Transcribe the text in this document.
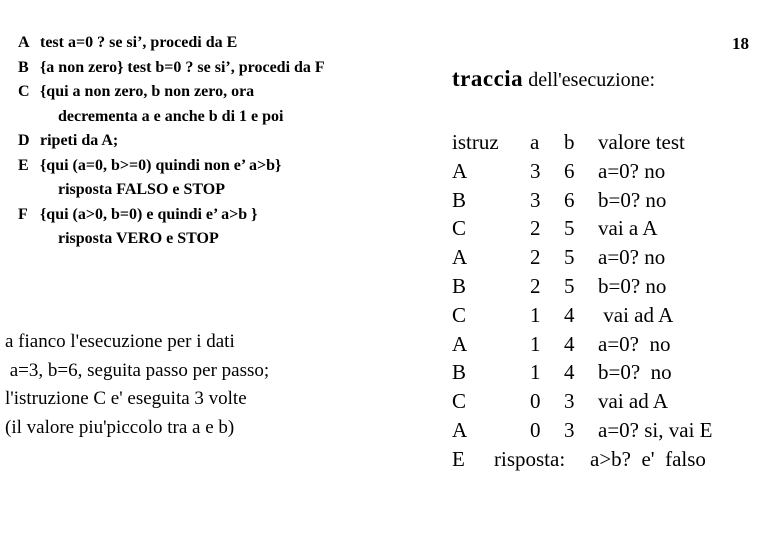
18
A test a=0 ? se si’, procedi da E
B {a non zero} test b=0 ? se si’, procedi da F
C {qui a non zero, b non zero, ora
decrementa a e anche b di 1 e poi
D ripeti da A;
E {qui (a=0, b>=0) quindi non e’ a>b}
risposta FALSO e STOP
F {qui (a>0, b=0) e quindi e’ a>b }
risposta VERO e STOP
a fianco l'esecuzione per i dati
a=3, b=6, seguita passo per passo;
l'istruzione C e' eseguita 3 volte
(il valore piu'piccolo tra a e b)
traccia dell'esecuzione:
istruz a b valore test
A	3 6 a=0? no
B	3 6 b=0? no
C	2 5 vai a A
A	2 5 a=0? no
B	2 5 b=0? no
C	1 4 vai ad A
A	1 4 a=0?  no
B	1 4 b=0?  no
C	0 3 vai ad A
A	0 3 a=0? si, vai E
E risposta: a>b?  e'  falso
